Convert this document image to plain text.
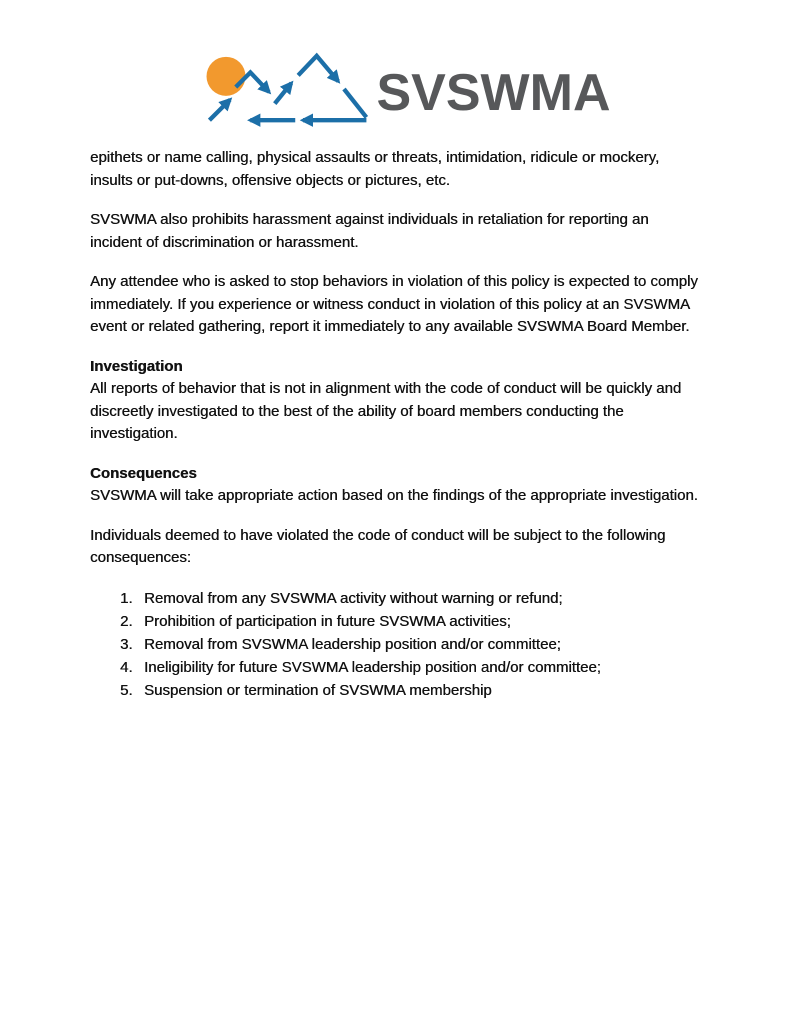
SVSWMA

epithets or name calling, physical assaults or threats, intimidation, ridicule or mockery, insults or put-downs, offensive objects or pictures, etc.

SVSWMA also prohibits harassment against individuals in retaliation for reporting an incident of discrimination or harassment.

Any attendee who is asked to stop behaviors in violation of this policy is expected to comply immediately. If you experience or witness conduct in violation of this policy at an SVSWMA event or related gathering, report it immediately to any available SVSWMA Board Member.

Investigation

All reports of behavior that is not in alignment with the code of conduct will be quickly and discreetly investigated to the best of the ability of board members conducting the investigation.

Consequences

SVSWMA will take appropriate action based on the findings of the appropriate investigation.

Individuals deemed to have violated the code of conduct will be subject to the following consequences:

1. Removal from any SVSWMA activity without warning or refund;
2. Prohibition of participation in future SVSWMA activities;
3. Removal from SVSWMA leadership position and/or committee;
4. Ineligibility for future SVSWMA leadership position and/or committee;
5. Suspension or termination of SVSWMA membership
